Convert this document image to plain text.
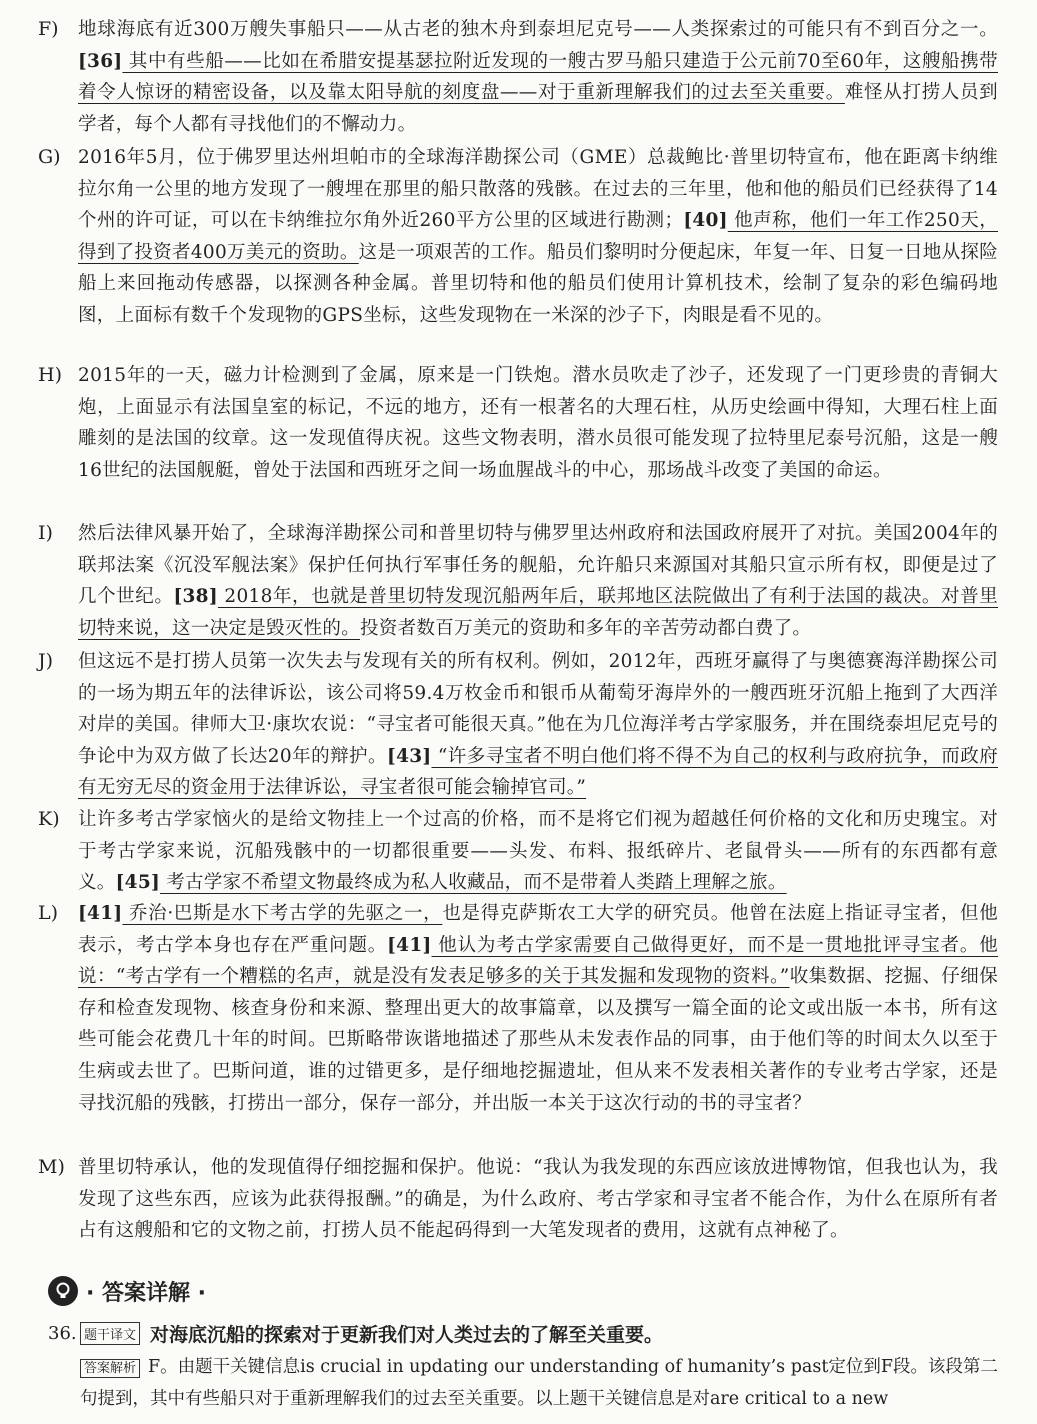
F) 地球海底有近300万艘失事船只——从古老的独木舟到泰坦尼克号——人类探索过的可能只有不到百分之一。[36] 其中有些船——比如在希腊安提基瑟拉附近发现的一艘古罗马船只建造于公元前70至60年，这艘船携带着令人惊讶的精密设备，以及靠太阳导航的刻度盘——对于重新理解我们的过去至关重要。难怪从打捞人员到学者，每个人都有寻找他们的不懈动力。
G) 2016年5月，位于佛罗里达州坦帕市的全球海洋勘探公司（GME）总裁鲍比·普里切特宣布，他在距离卡纳维拉尔角一公里的地方发现了一艘埋在那里的船只散落的残骸。在过去的三年里，他和他的船员们已经获得了14个州的许可证，可以在卡纳维拉尔角外近260平方公里的区域进行勘测；[40] 他声称，他们一年工作250天，得到了投资者400万美元的资助。这是一项艰苦的工作。船员们黎明时分便起床，年复一年、日复一日地从探险船上来回拖动传感器，以探测各种金属。普里切特和他的船员们使用计算机技术，绘制了复杂的彩色编码地图，上面标有数千个发现物的GPS坐标，这些发现物在一米深的沙子下，肉眼是看不见的。
H) 2015年的一天，磁力计检测到了金属，原来是一门铁炮。潜水员吹走了沙子，还发现了一门更珍贵的青铜大炮，上面显示有法国皇室的标记，不远的地方，还有一根著名的大理石柱，从历史绘画中得知，大理石柱上面雕刻的是法国的纹章。这一发现值得庆祝。这些文物表明，潜水员很可能发现了拉特里尼泰号沉船，这是一艘16世纪的法国舰艇，曾处于法国和西班牙之间一场血腥战斗的中心，那场战斗改变了美国的命运。
I) 然后法律风暴开始了，全球海洋勘探公司和普里切特与佛罗里达州政府和法国政府展开了对抗。美国2004年的联邦法案《沉没军舰法案》保护任何执行军事任务的舰船，允许船只来源国对其船只宣示所有权，即便是过了几个世纪。[38] 2018年，也就是普里切特发现沉船两年后，联邦地区法院做出了有利于法国的裁决。对普里切特来说，这一决定是毁灭性的。投资者数百万美元的资助和多年的辛苦劳动都白费了。
J) 但这远不是打捞人员第一次失去与发现有关的所有权利。例如，2012年，西班牙赢得了与奥德赛海洋勘探公司的一场为期五年的法律诉讼，该公司将59.4万枚金币和银币从葡萄牙海岸外的一艘西班牙沉船上拖到了大西洋对岸的美国。律师大卫·康坎农说：“寻宝者可能很天真。”他在为几位海洋考古学家服务，并在围绕泰坦尼克号的争论中为双方做了长达20年的辩护。[43] “许多寻宝者不明白他们将不得不为自己的权利与政府抗争，而政府有无穷无尽的资金用于法律诉讼，寻宝者很可能会输掉官司。”
K) 让许多考古学家恼火的是给文物挂上一个过高的价格，而不是将它们视为超越任何价格的文化和历史瑰宝。对于考古学家来说，沉船残骸中的一切都很重要——头发、布料、报纸碎片、老鼠骨头——所有的东西都有意义。[45] 考古学家不希望文物最终成为私人收藏品，而不是带着人类踏上理解之旅。
L) [41] 乔治·巴斯是水下考古学的先驱之一，也是得克萨斯农工大学的研究员。他曾在法庭上指证寻宝者，但他表示，考古学本身也存在严重问题。[41] 他认为考古学家需要自己做得更好，而不是一贯地批评寻宝者。他说：“考古学有一个糟糕的名声，就是没有发表足够多的关于其发掘和发现物的资料。”收集数据、挖掘、仔细保存和检查发现物、核查身份和来源、整理出更大的故事篇章，以及撰写一篇全面的论文或出版一本书，所有这些可能会花费几十年的时间。巴斯略带诙谐地描述了那些从未发表作品的同事，由于他们等的时间太久以至于生病或去世了。巴斯问道，谁的过错更多，是仔细地挖掘遗址，但从来不发表相关著作的专业考古学家，还是寻找沉船的残骸，打捞出一部分，保存一部分，并出版一本关于这次行动的书的寻宝者？
M) 普里切特承认，他的发现值得仔细挖掘和保护。他说：“我认为我发现的东西应该放进博物馆，但我也认为，我发现了这些东西，应该为此获得报酬。”的确是，为什么政府、考古学家和寻宝者不能合作，为什么在原所有者占有这艘船和它的文物之前，打捞人员不能起码得到一大笔发现者的费用，这就有点神秘了。
· 答案详解 ·
36. 题干译文 对海底沉船的探索对于更新我们对人类过去的了解至关重要。
答案解析 F。由题干关键信息is crucial in updating our understanding of humanity’s past定位到F段。该段第二句提到，其中有些船只对于重新理解我们的过去至关重要。以上题干关键信息是对are critical to a new
